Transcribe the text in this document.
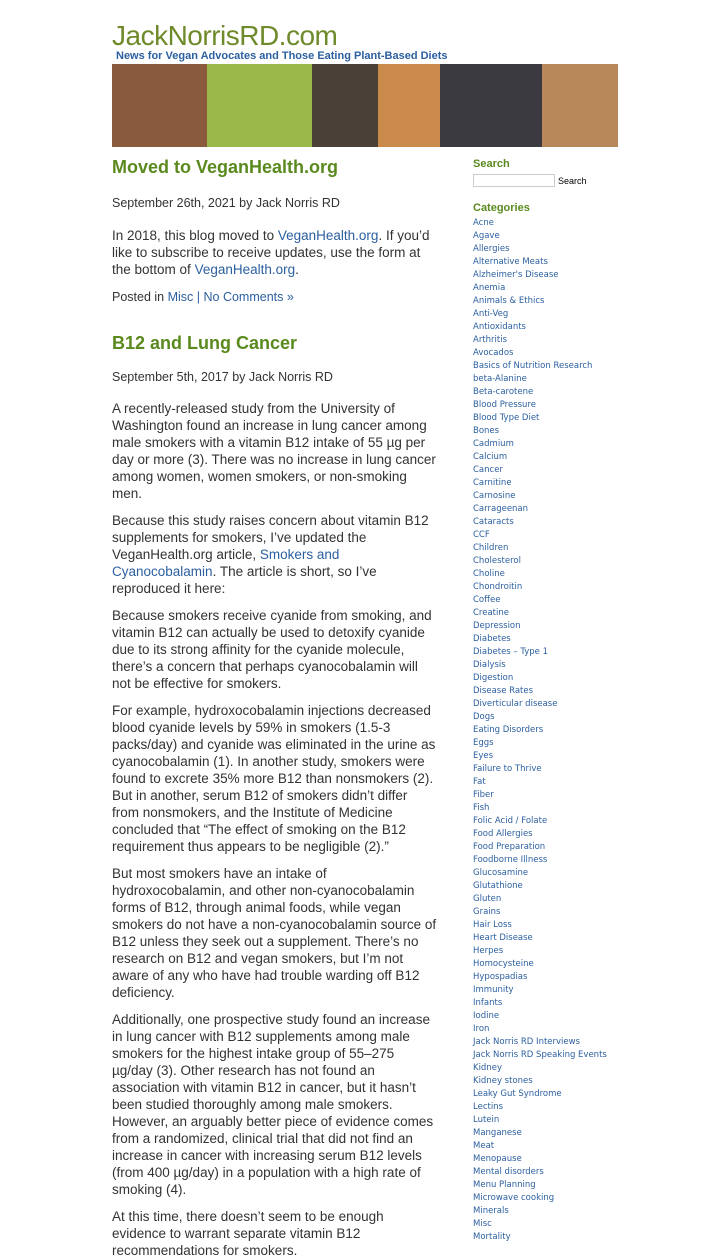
JackNorrisRD.com
News for Vegan Advocates and Those Eating Plant-Based Diets
Moved to VeganHealth.org

September 26th, 2021 by Jack Norris RD

In 2018, this blog moved to VeganHealth.org. If you’d like to subscribe to receive updates, use the form at the bottom of VeganHealth.org.

Posted in Misc | No Comments »

B12 and Lung Cancer

September 5th, 2017 by Jack Norris RD

A recently-released study from the University of Washington found an increase in lung cancer among male smokers with a vitamin B12 intake of 55 µg per day or more (3). There was no increase in lung cancer among women, women smokers, or non-smoking men.

Because this study raises concern about vitamin B12 supplements for smokers, I’ve updated the VeganHealth.org article, Smokers and Cyanocobalamin. The article is short, so I’ve reproduced it here:

Because smokers receive cyanide from smoking, and vitamin B12 can actually be used to detoxify cyanide due to its strong affinity for the cyanide molecule, there’s a concern that perhaps cyanocobalamin will not be effective for smokers.

For example, hydroxocobalamin injections decreased blood cyanide levels by 59% in smokers (1.5-3 packs/day) and cyanide was eliminated in the urine as cyanocobalamin (1). In another study, smokers were found to excrete 35% more B12 than nonsmokers (2). But in another, serum B12 of smokers didn’t differ from nonsmokers, and the Institute of Medicine concluded that “The effect of smoking on the B12 requirement thus appears to be negligible (2).”

But most smokers have an intake of hydroxocobalamin, and other non-cyanocobalamin forms of B12, through animal foods, while vegan smokers do not have a non-cyanocobalamin source of B12 unless they seek out a supplement. There’s no research on B12 and vegan smokers, but I’m not aware of any who have had trouble warding off B12 deficiency.

Additionally, one prospective study found an increase in lung cancer with B12 supplements among male smokers for the highest intake group of 55–275 µg/day (3). Other research has not found an association with vitamin B12 in cancer, but it hasn’t been studied thoroughly among male smokers. However, an arguably better piece of evidence comes from a randomized, clinical trial that did not find an increase in cancer with increasing serum B12 levels (from 400 µg/day) in a population with a high rate of smoking (4).

At this time, there doesn’t seem to be enough evidence to warrant separate vitamin B12 recommendations for smokers.

Search
Search
Categories
Acne
Agave
Allergies
Alternative Meats
Alzheimer's Disease
Anemia
Animals & Ethics
Anti-Veg
Antioxidants
Arthritis
Avocados
Basics of Nutrition Research
beta-Alanine
Beta-carotene
Blood Pressure
Blood Type Diet
Bones
Cadmium
Calcium
Cancer
Carnitine
Carnosine
Carrageenan
Cataracts
CCF
Children
Cholesterol
Choline
Chondroitin
Coffee
Creatine
Depression
Diabetes
Diabetes – Type 1
Dialysis
Digestion
Disease Rates
Diverticular disease
Dogs
Eating Disorders
Eggs
Eyes
Failure to Thrive
Fat
Fiber
Fish
Folic Acid / Folate
Food Allergies
Food Preparation
Foodborne Illness
Glucosamine
Glutathione
Gluten
Grains
Hair Loss
Heart Disease
Herpes
Homocysteine
Hypospadias
Immunity
Infants
Iodine
Iron
Jack Norris RD Interviews
Jack Norris RD Speaking Events
Kidney
Kidney stones
Leaky Gut Syndrome
Lectins
Lutein
Manganese
Meat
Menopause
Mental disorders
Menu Planning
Microwave cooking
Minerals
Misc
Mortality
